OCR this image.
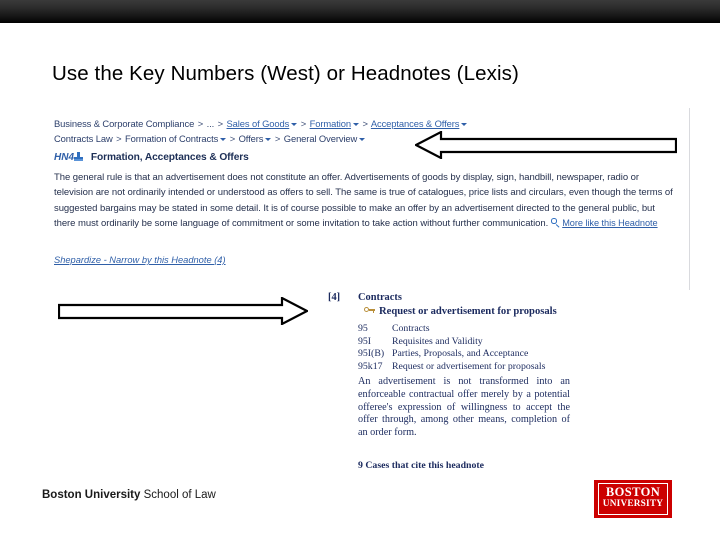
Use the Key Numbers (West) or Headnotes (Lexis)
Business & Corporate Compliance > ... > Sales of Goods > Formation > Acceptances & Offers
Contracts Law > Formation of Contracts > Offers > General Overview
HN4 Formation, Acceptances & Offers
The general rule is that an advertisement does not constitute an offer. Advertisements of goods by display, sign, handbill, newspaper, radio or television are not ordinarily intended or understood as offers to sell. The same is true of catalogues, price lists and circulars, even though the terms of suggested bargains may be stated in some detail. It is of course possible to make an offer by an advertisement directed to the general public, but there must ordinarily be some language of commitment or some invitation to take action without further communication. More like this Headnote
Shepardize - Narrow by this Headnote (4)
[4] Contracts
Request or advertisement for proposals
95 Contracts
95I Requisites and Validity
95I(B) Parties, Proposals, and Acceptance
95k17 Request or advertisement for proposals
An advertisement is not transformed into an enforceable contractual offer merely by a potential offeree's expression of willingness to accept the offer through, among other means, completion of an order form.
9 Cases that cite this headnote
Boston University School of Law	BOSTON
UNIVERSITY
